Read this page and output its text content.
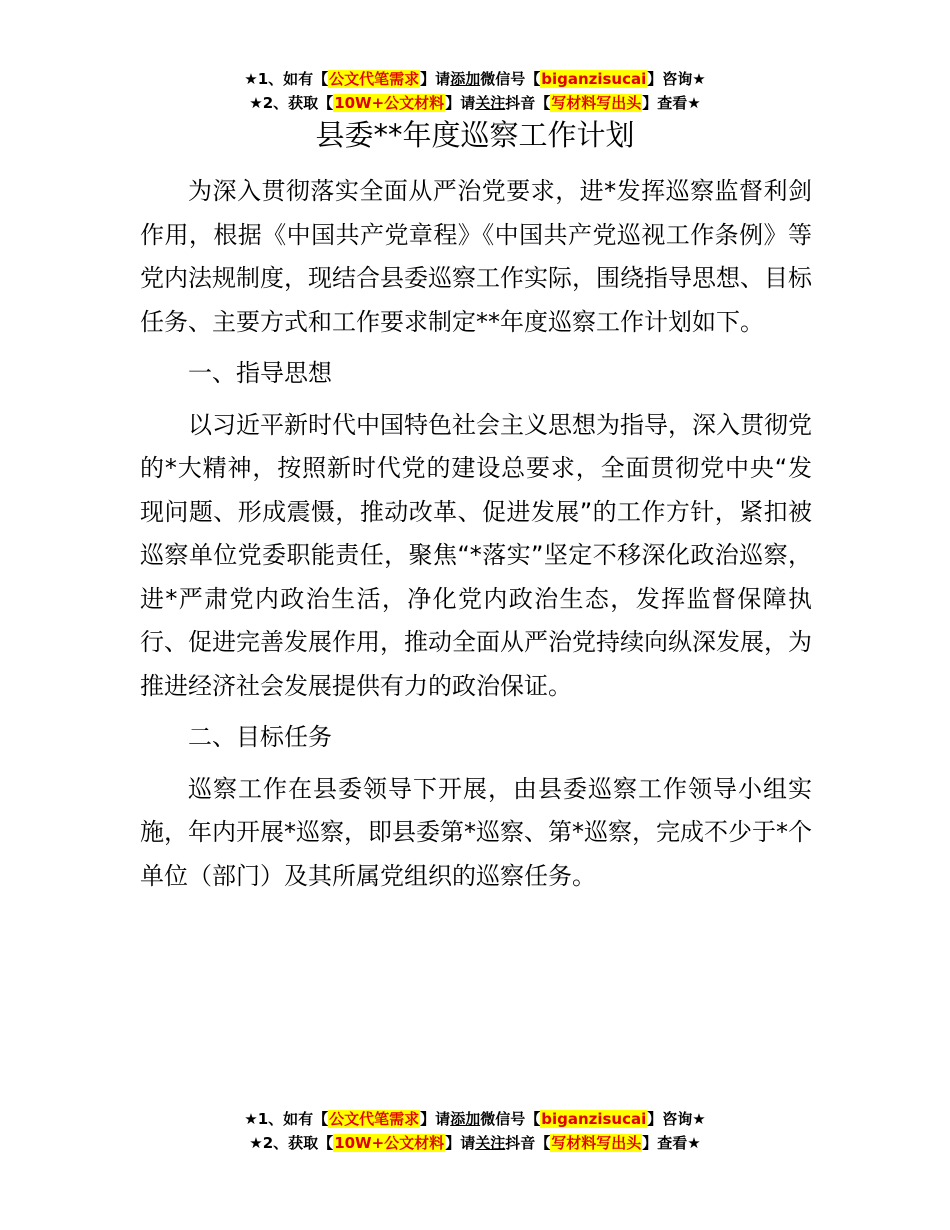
★1、如有【公文代笔需求】请添加微信号【biganzisucai】咨询★
★2、获取【10W+公文材料】请关注抖音【写材料写出头】查看★
县委**年度巡察工作计划

为深入贯彻落实全面从严治党要求，进*发挥巡察监督利剑作用，根据《中国共产党章程》《中国共产党巡视工作条例》等党内法规制度，现结合县委巡察工作实际，围绕指导思想、目标任务、主要方式和工作要求制定**年度巡察工作计划如下。

一、指导思想

以习近平新时代中国特色社会主义思想为指导，深入贯彻党的*大精神，按照新时代党的建设总要求，全面贯彻党中央“发现问题、形成震慑，推动改革、促进发展”的工作方针，紧扣被巡察单位党委职能责任，聚焦“*落实”坚定不移深化政治巡察，进*严肃党内政治生活，净化党内政治生态，发挥监督保障执行、促进完善发展作用，推动全面从严治党持续向纵深发展，为推进经济社会发展提供有力的政治保证。

二、目标任务

巡察工作在县委领导下开展，由县委巡察工作领导小组实施，年内开展*巡察，即县委第*巡察、第*巡察，完成不少于*个单位（部门）及其所属党组织的巡察任务。

★1、如有【公文代笔需求】请添加微信号【biganzisucai】咨询★
★2、获取【10W+公文材料】请关注抖音【写材料写出头】查看★
